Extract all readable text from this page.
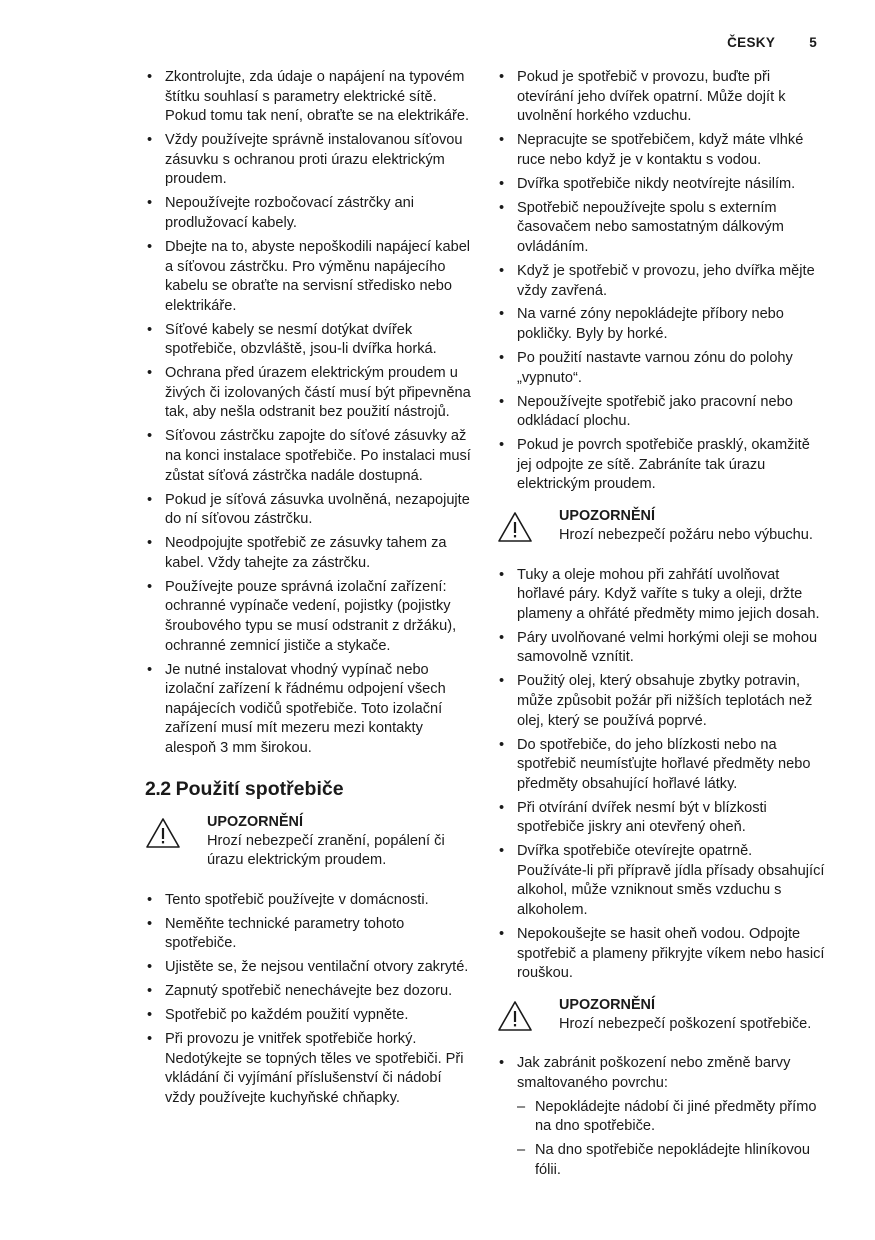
ČESKY	5
• Zkontrolujte, zda údaje o napájení na typovém štítku souhlasí s parametry elektrické sítě. Pokud tomu tak není, obraťte se na elektrikáře.
• Vždy používejte správně instalovanou síťovou zásuvku s ochranou proti úrazu elektrickým proudem.
• Nepoužívejte rozbočovací zástrčky ani prodlužovací kabely.
• Dbejte na to, abyste nepoškodili napájecí kabel a síťovou zástrčku. Pro výměnu napájecího kabelu se obraťte na servisní středisko nebo elektrikáře.
• Síťové kabely se nesmí dotýkat dvířek spotřebiče, obzvláště, jsou-li dvířka horká.
• Ochrana před úrazem elektrickým proudem u živých či izolovaných částí musí být připevněna tak, aby nešla odstranit bez použití nástrojů.
• Síťovou zástrčku zapojte do síťové zásuvky až na konci instalace spotřebiče. Po instalaci musí zůstat síťová zástrčka nadále dostupná.
• Pokud je síťová zásuvka uvolněná, nezapojujte do ní síťovou zástrčku.
• Neodpojujte spotřebič ze zásuvky tahem za kabel. Vždy tahejte za zástrčku.
• Používejte pouze správná izolační zařízení: ochranné vypínače vedení, pojistky (pojistky šroubového typu se musí odstranit z držáku), ochranné zemnicí jističe a stykače.
• Je nutné instalovat vhodný vypínač nebo izolační zařízení k řádnému odpojení všech napájecích vodičů spotřebiče. Toto izolační zařízení musí mít mezeru mezi kontakty alespoň 3 mm širokou.
2.2 Použití spotřebiče
UPOZORNĚNÍ
Hrozí nebezpečí zranění, popálení či úrazu elektrickým proudem.
• Tento spotřebič používejte v domácnosti.
• Neměňte technické parametry tohoto spotřebiče.
• Ujistěte se, že nejsou ventilační otvory zakryté.
• Zapnutý spotřebič nenechávejte bez dozoru.
• Spotřebič po každém použití vypněte.
• Při provozu je vnitřek spotřebiče horký. Nedotýkejte se topných těles ve spotřebiči. Při vkládání či vyjímání příslušenství či nádobí vždy používejte kuchyňské chňapky.
• Pokud je spotřebič v provozu, buďte při otevírání jeho dvířek opatrní. Může dojít k uvolnění horkého vzduchu.
• Nepracujte se spotřebičem, když máte vlhké ruce nebo když je v kontaktu s vodou.
• Dvířka spotřebiče nikdy neotvírejte násilím.
• Spotřebič nepoužívejte spolu s externím časovačem nebo samostatným dálkovým ovládáním.
• Když je spotřebič v provozu, jeho dvířka mějte vždy zavřená.
• Na varné zóny nepokládejte příbory nebo pokličky. Byly by horké.
• Po použití nastavte varnou zónu do polohy „vypnuto“.
• Nepoužívejte spotřebič jako pracovní nebo odkládací plochu.
• Pokud je povrch spotřebiče prasklý, okamžitě jej odpojte ze sítě. Zabráníte tak úrazu elektrickým proudem.
UPOZORNĚNÍ
Hrozí nebezpečí požáru nebo výbuchu.
• Tuky a oleje mohou při zahřátí uvolňovat hořlavé páry. Když vaříte s tuky a oleji, držte plameny a ohřáté předměty mimo jejich dosah.
• Páry uvolňované velmi horkými oleji se mohou samovolně vznítit.
• Použitý olej, který obsahuje zbytky potravin, může způsobit požár při nižších teplotách než olej, který se používá poprvé.
• Do spotřebiče, do jeho blízkosti nebo na spotřebič neumísťujte hořlavé předměty nebo předměty obsahující hořlavé látky.
• Při otvírání dvířek nesmí být v blízkosti spotřebiče jiskry ani otevřený oheň.
• Dvířka spotřebiče otevírejte opatrně. Používáte-li při přípravě jídla přísady obsahující alkohol, může vzniknout směs vzduchu s alkoholem.
• Nepokoušejte se hasit oheň vodou. Odpojte spotřebič a plameny přikryjte víkem nebo hasicí rouškou.
UPOZORNĚNÍ
Hrozí nebezpečí poškození spotřebiče.
• Jak zabránit poškození nebo změně barvy smaltovaného povrchu:
– Nepokládejte nádobí či jiné předměty přímo na dno spotřebiče.
– Na dno spotřebiče nepokládejte hliníkovou fólii.
